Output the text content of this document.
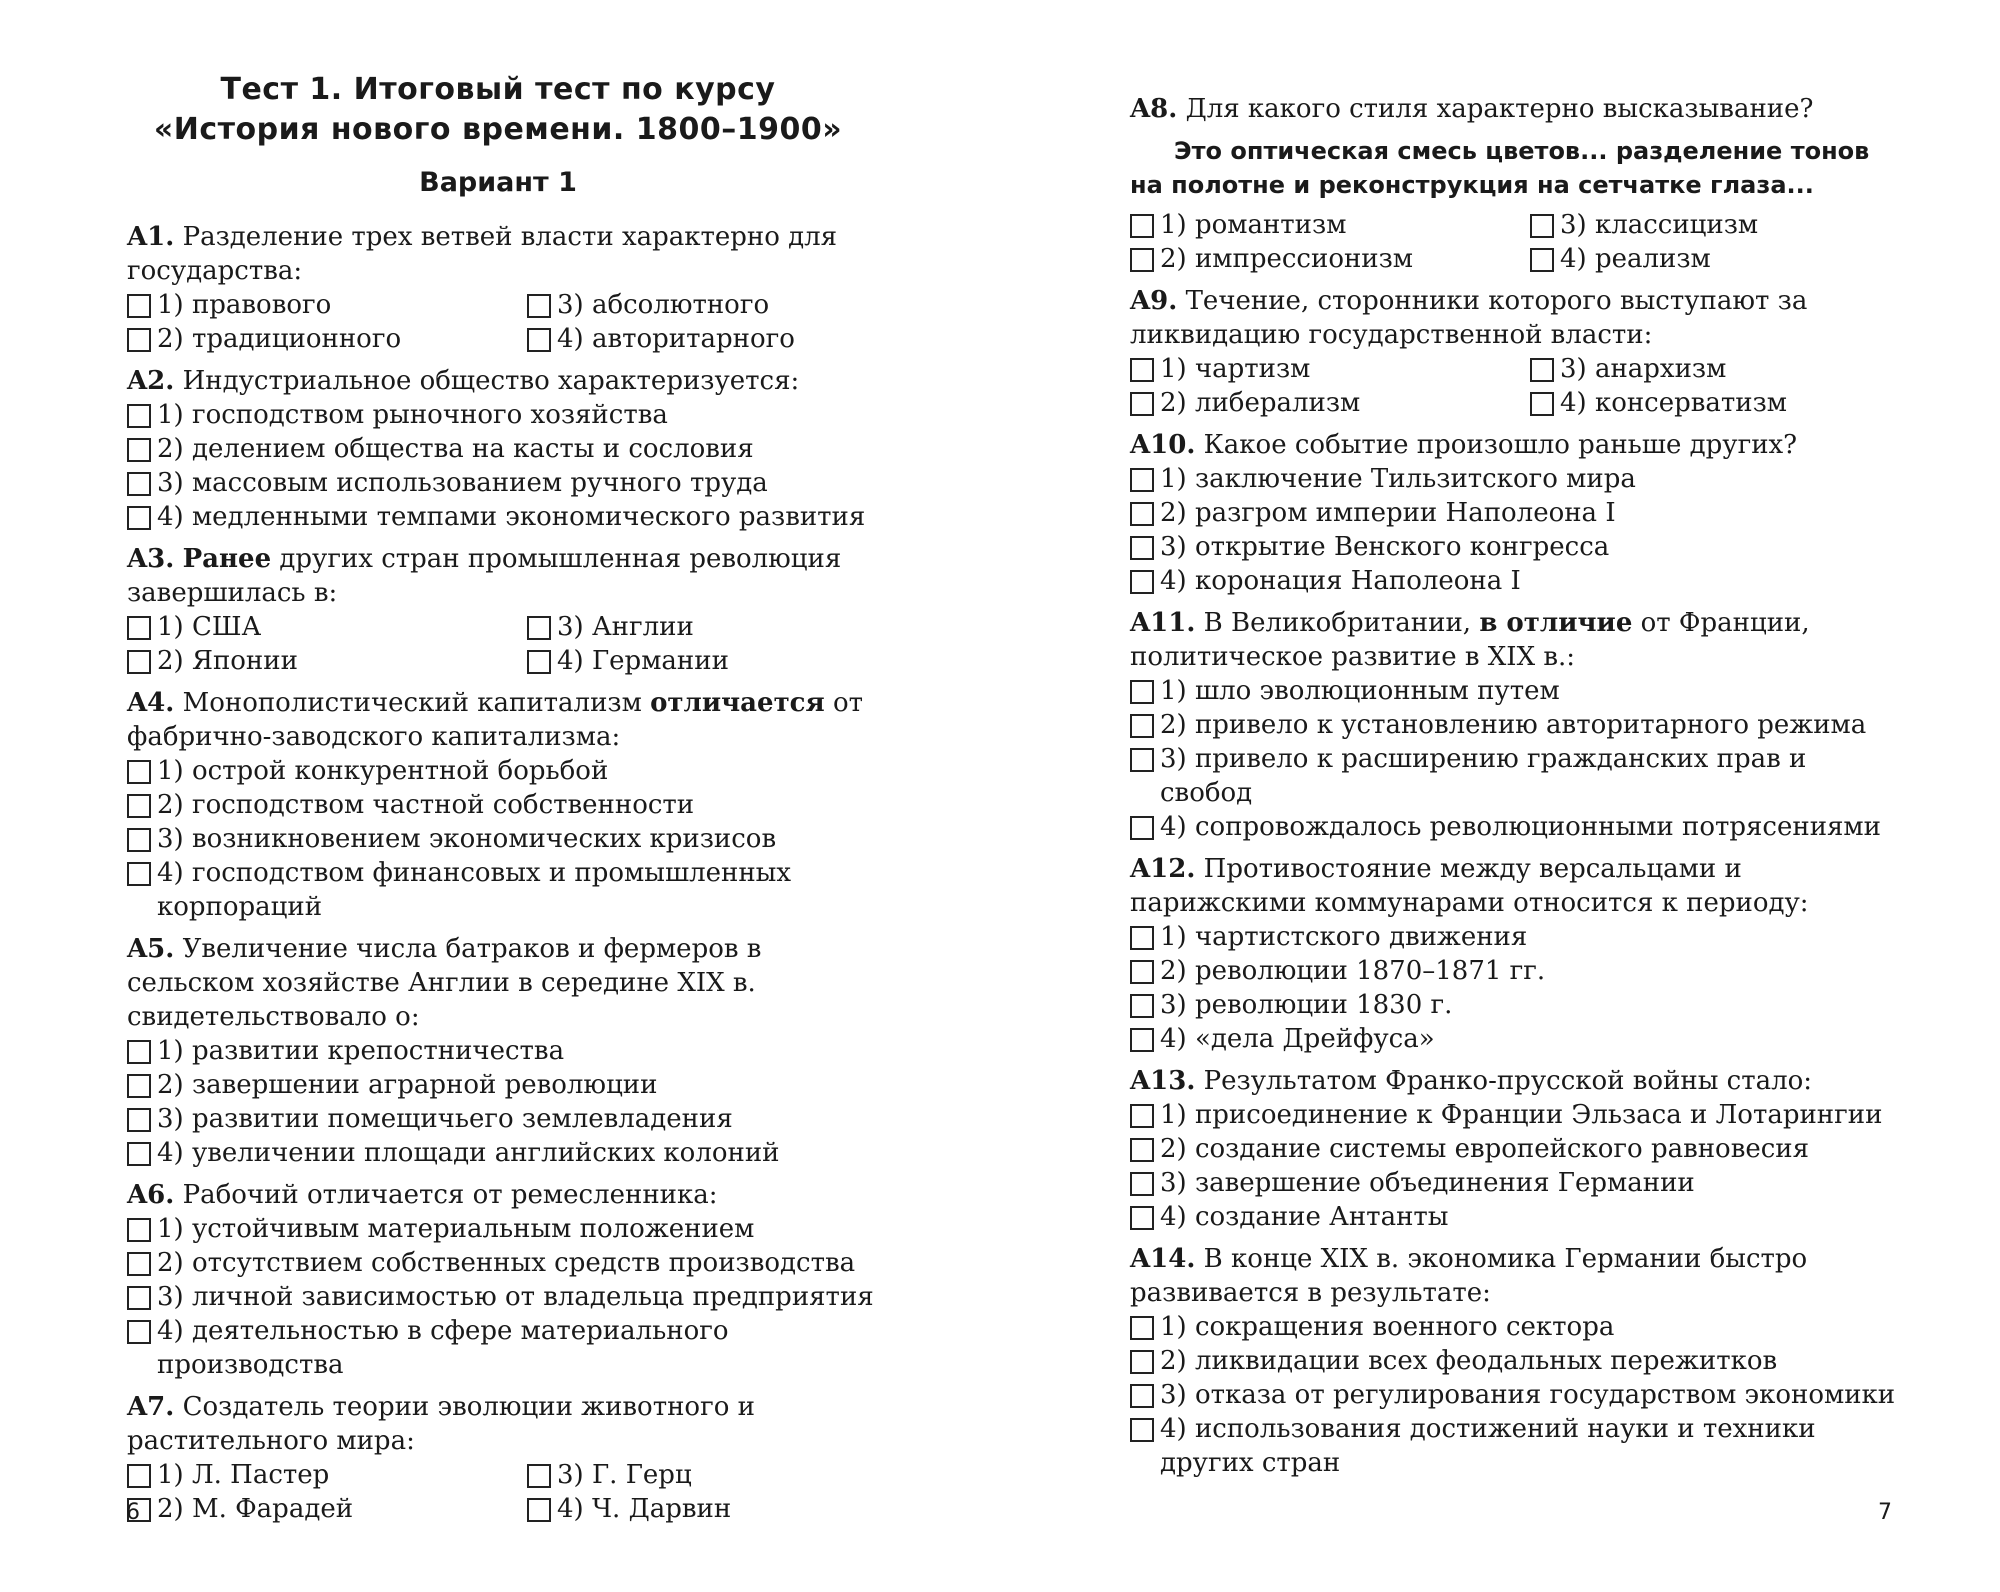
Тест 1. Итоговый тест по курсу
«История нового времени. 1800–1900»
Вариант 1
A1. Разделение трех ветвей власти характерно для государства:
1) правового	3) абсолютного
2) традиционного	4) авторитарного
A2. Индустриальное общество характеризуется:
1) господством рыночного хозяйства
2) делением общества на касты и сословия
3) массовым использованием ручного труда
4) медленными темпами экономического развития
A3. Ранее других стран промышленная революция завершилась в:
1) США	3) Англии
2) Японии	4) Германии
A4. Монополистический капитализм отличается от фабрично-заводского капитализма:
1) острой конкурентной борьбой
2) господством частной собственности
3) возникновением экономических кризисов
4) господством финансовых и промышленных корпораций
A5. Увеличение числа батраков и фермеров в сельском хозяйстве Англии в середине XIX в. свидетельствовало о:
1) развитии крепостничества
2) завершении аграрной революции
3) развитии помещичьего землевладения
4) увеличении площади английских колоний
A6. Рабочий отличается от ремесленника:
1) устойчивым материальным положением
2) отсутствием собственных средств производства
3) личной зависимостью от владельца предприятия
4) деятельностью в сфере материального производства
A7. Создатель теории эволюции животного и растительного мира:
1) Л. Пастер	3) Г. Герц
2) М. Фарадей	4) Ч. Дарвин
6
A8. Для какого стиля характерно высказывание?
Это оптическая смесь цветов... разделение тонов на полотне и реконструкция на сетчатке глаза...
1) романтизм	3) классицизм
2) импрессионизм	4) реализм
A9. Течение, сторонники которого выступают за ликвидацию государственной власти:
1) чартизм	3) анархизм
2) либерализм	4) консерватизм
A10. Какое событие произошло раньше других?
1) заключение Тильзитского мира
2) разгром империи Наполеона I
3) открытие Венского конгресса
4) коронация Наполеона I
A11. В Великобритании, в отличие от Франции, политическое развитие в XIX в.:
1) шло эволюционным путем
2) привело к установлению авторитарного режима
3) привело к расширению гражданских прав и свобод
4) сопровождалось революционными потрясениями
A12. Противостояние между версальцами и парижскими коммунарами относится к периоду:
1) чартистского движения
2) революции 1870–1871 гг.
3) революции 1830 г.
4) «дела Дрейфуса»
A13. Результатом Франко-прусской войны стало:
1) присоединение к Франции Эльзаса и Лотарингии
2) создание системы европейского равновесия
3) завершение объединения Германии
4) создание Антанты
A14. В конце XIX в. экономика Германии быстро развивается в результате:
1) сокращения военного сектора
2) ликвидации всех феодальных пережитков
3) отказа от регулирования государством экономики
4) использования достижений науки и техники других стран
7
